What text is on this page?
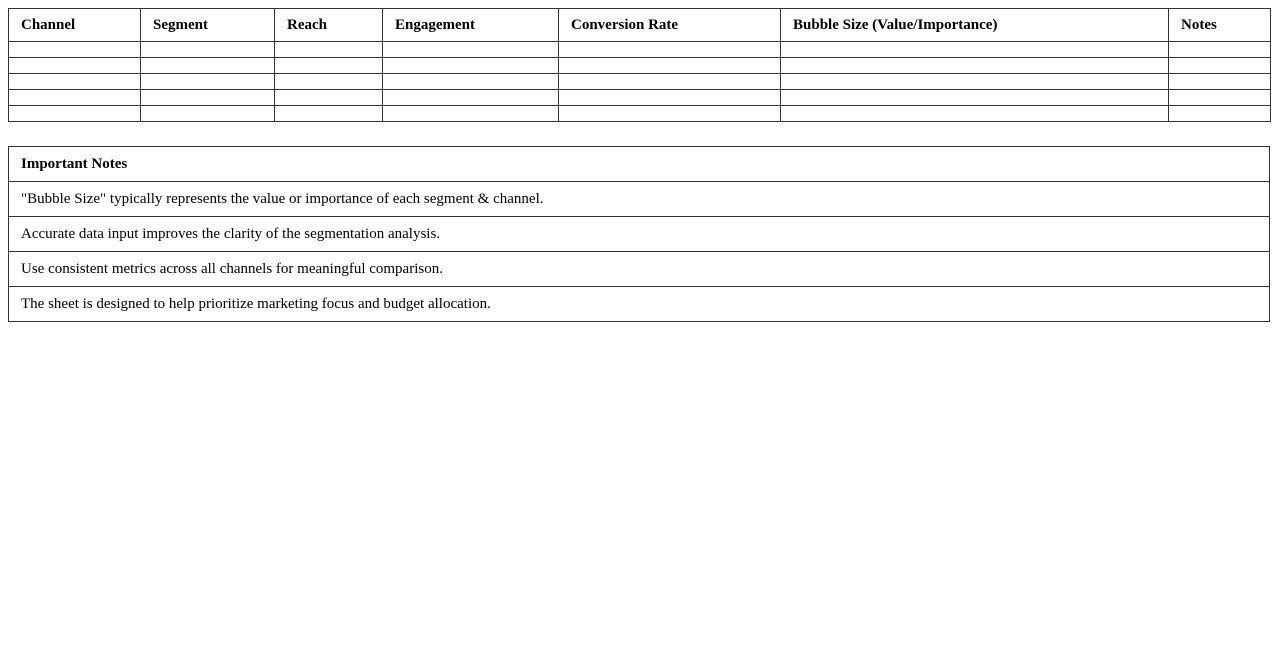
Channel	Segment	Reach	Engagement	Conversion Rate	Bubble Size (Value/Importance)	Notes

Important Notes
"Bubble Size" typically represents the value or importance of each segment & channel.
Accurate data input improves the clarity of the segmentation analysis.
Use consistent metrics across all channels for meaningful comparison.
The sheet is designed to help prioritize marketing focus and budget allocation.
